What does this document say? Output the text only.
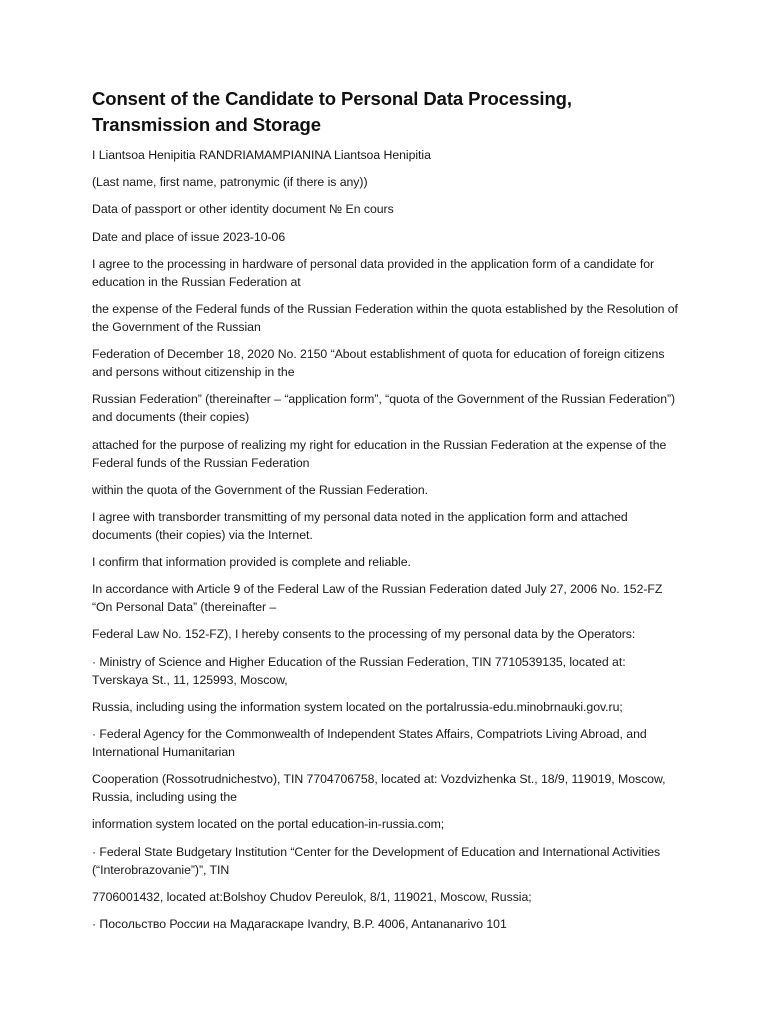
Consent of the Candidate to Personal Data Processing, Transmission and Storage

I Liantsoa Henipitia RANDRIAMAMPIANINA Liantsoa Henipitia

(Last name, first name, patronymic (if there is any))

Data of passport or other identity document № En cours

Date and place of issue 2023-10-06

I agree to the processing in hardware of personal data provided in the application form of a candidate for education in the Russian Federation at

the expense of the Federal funds of the Russian Federation within the quota established by the Resolution of the Government of the Russian

Federation of December 18, 2020 No. 2150 “About establishment of quota for education of foreign citizens and persons without citizenship in the

Russian Federation” (thereinafter – “application form”, “quota of the Government of the Russian Federation”) and documents (their copies)

attached for the purpose of realizing my right for education in the Russian Federation at the expense of the Federal funds of the Russian Federation

within the quota of the Government of the Russian Federation.

I agree with transborder transmitting of my personal data noted in the application form and attached documents (their copies) via the Internet.

I confirm that information provided is complete and reliable.

In accordance with Article 9 of the Federal Law of the Russian Federation dated July 27, 2006 No. 152-FZ “On Personal Data” (thereinafter –

Federal Law No. 152-FZ), I hereby consents to the processing of my personal data by the Operators:

· Ministry of Science and Higher Education of the Russian Federation, TIN 7710539135, located at: Tverskaya St., 11, 125993, Moscow,

Russia, including using the information system located on the portalrussia-edu.minobrnauki.gov.ru;

· Federal Agency for the Commonwealth of Independent States Affairs, Compatriots Living Abroad, and International Humanitarian

Cooperation (Rossotrudnichestvo), TIN 7704706758, located at: Vozdvizhenka St., 18/9, 119019, Moscow, Russia, including using the

information system located on the portal education-in-russia.com;

· Federal State Budgetary Institution “Center for the Development of Education and International Activities (“Interobrazovanie”)”, TIN

7706001432, located at:Bolshoy Chudov Pereulok, 8/1, 119021, Moscow, Russia;

· Посольство России на Мадагаскаре Ivandry, B.P. 4006, Antananarivo 101
